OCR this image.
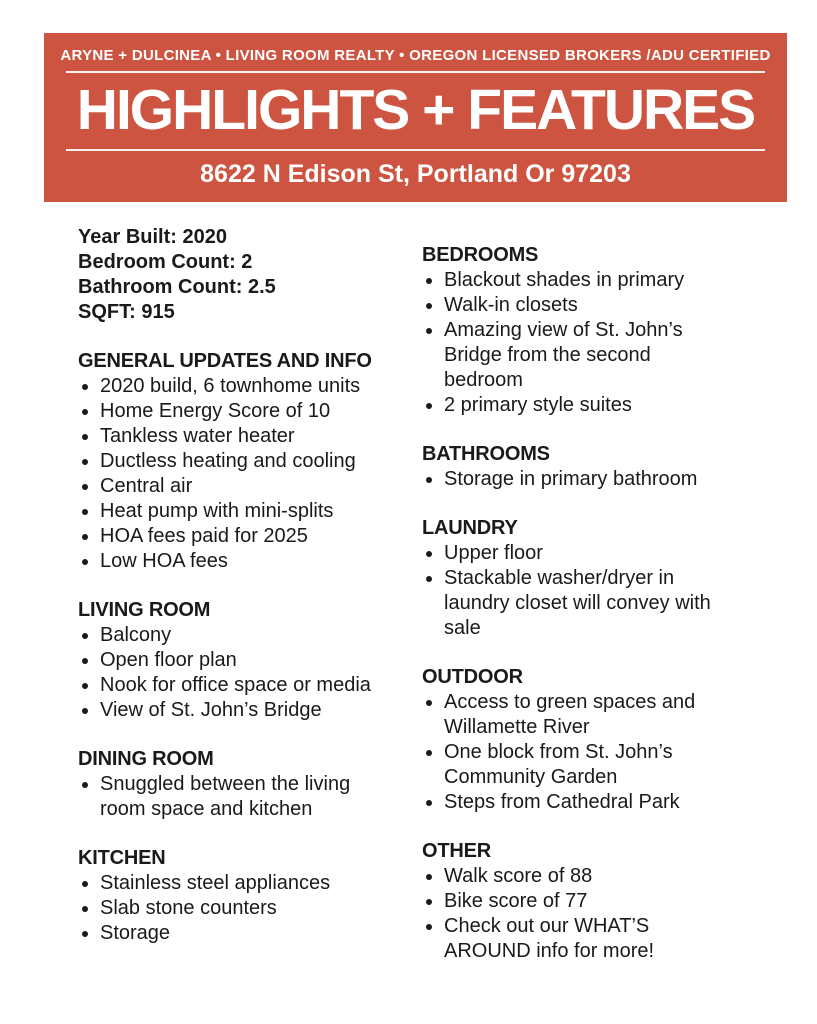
ARYNE + DULCINEA • LIVING ROOM REALTY • OREGON LICENSED BROKERS /ADU CERTIFIED
HIGHLIGHTS + FEATURES
8622 N Edison St, Portland Or 97203
Year Built: 2020
Bedroom Count: 2
Bathroom Count: 2.5
SQFT: 915
GENERAL UPDATES AND INFO
• 2020 build, 6 townhome units
• Home Energy Score of 10
• Tankless water heater
• Ductless heating and cooling
• Central air
• Heat pump with mini-splits
• HOA fees paid for 2025
• Low HOA fees
LIVING ROOM
• Balcony
• Open floor plan
• Nook for office space or media
• View of St. John’s Bridge
DINING ROOM
• Snuggled between the living room space and kitchen
KITCHEN
• Stainless steel appliances
• Slab stone counters
• Storage
BEDROOMS
• Blackout shades in primary
• Walk-in closets
• Amazing view of St. John’s Bridge from the second bedroom
• 2 primary style suites
BATHROOMS
• Storage in primary bathroom
LAUNDRY
• Upper floor
• Stackable washer/dryer in laundry closet will convey with sale
OUTDOOR
• Access to green spaces and Willamette River
• One block from St. John’s Community Garden
• Steps from Cathedral Park
OTHER
• Walk score of 88
• Bike score of 77
• Check out our WHAT’S AROUND info for more!
